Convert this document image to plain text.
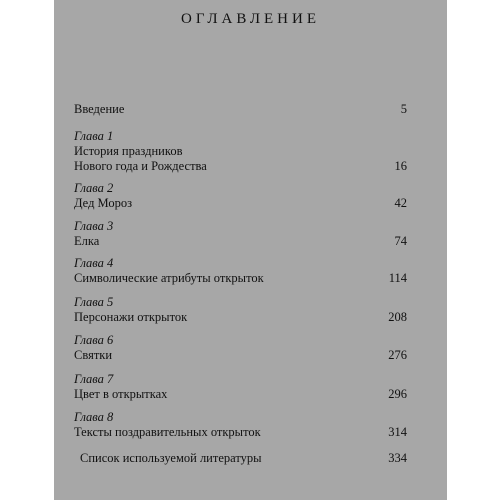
ОГЛАВЛЕНИЕ
Введение	5
Глава 1
История праздников
Нового года и Рождества	16
Глава 2
Дед Мороз	42
Глава 3
Елка	74
Глава 4
Символические атрибуты открыток	114
Глава 5
Персонажи открыток	208
Глава 6
Святки	276
Глава 7
Цвет в открытках	296
Глава 8
Тексты поздравительных открыток	314
Список используемой литературы	334
